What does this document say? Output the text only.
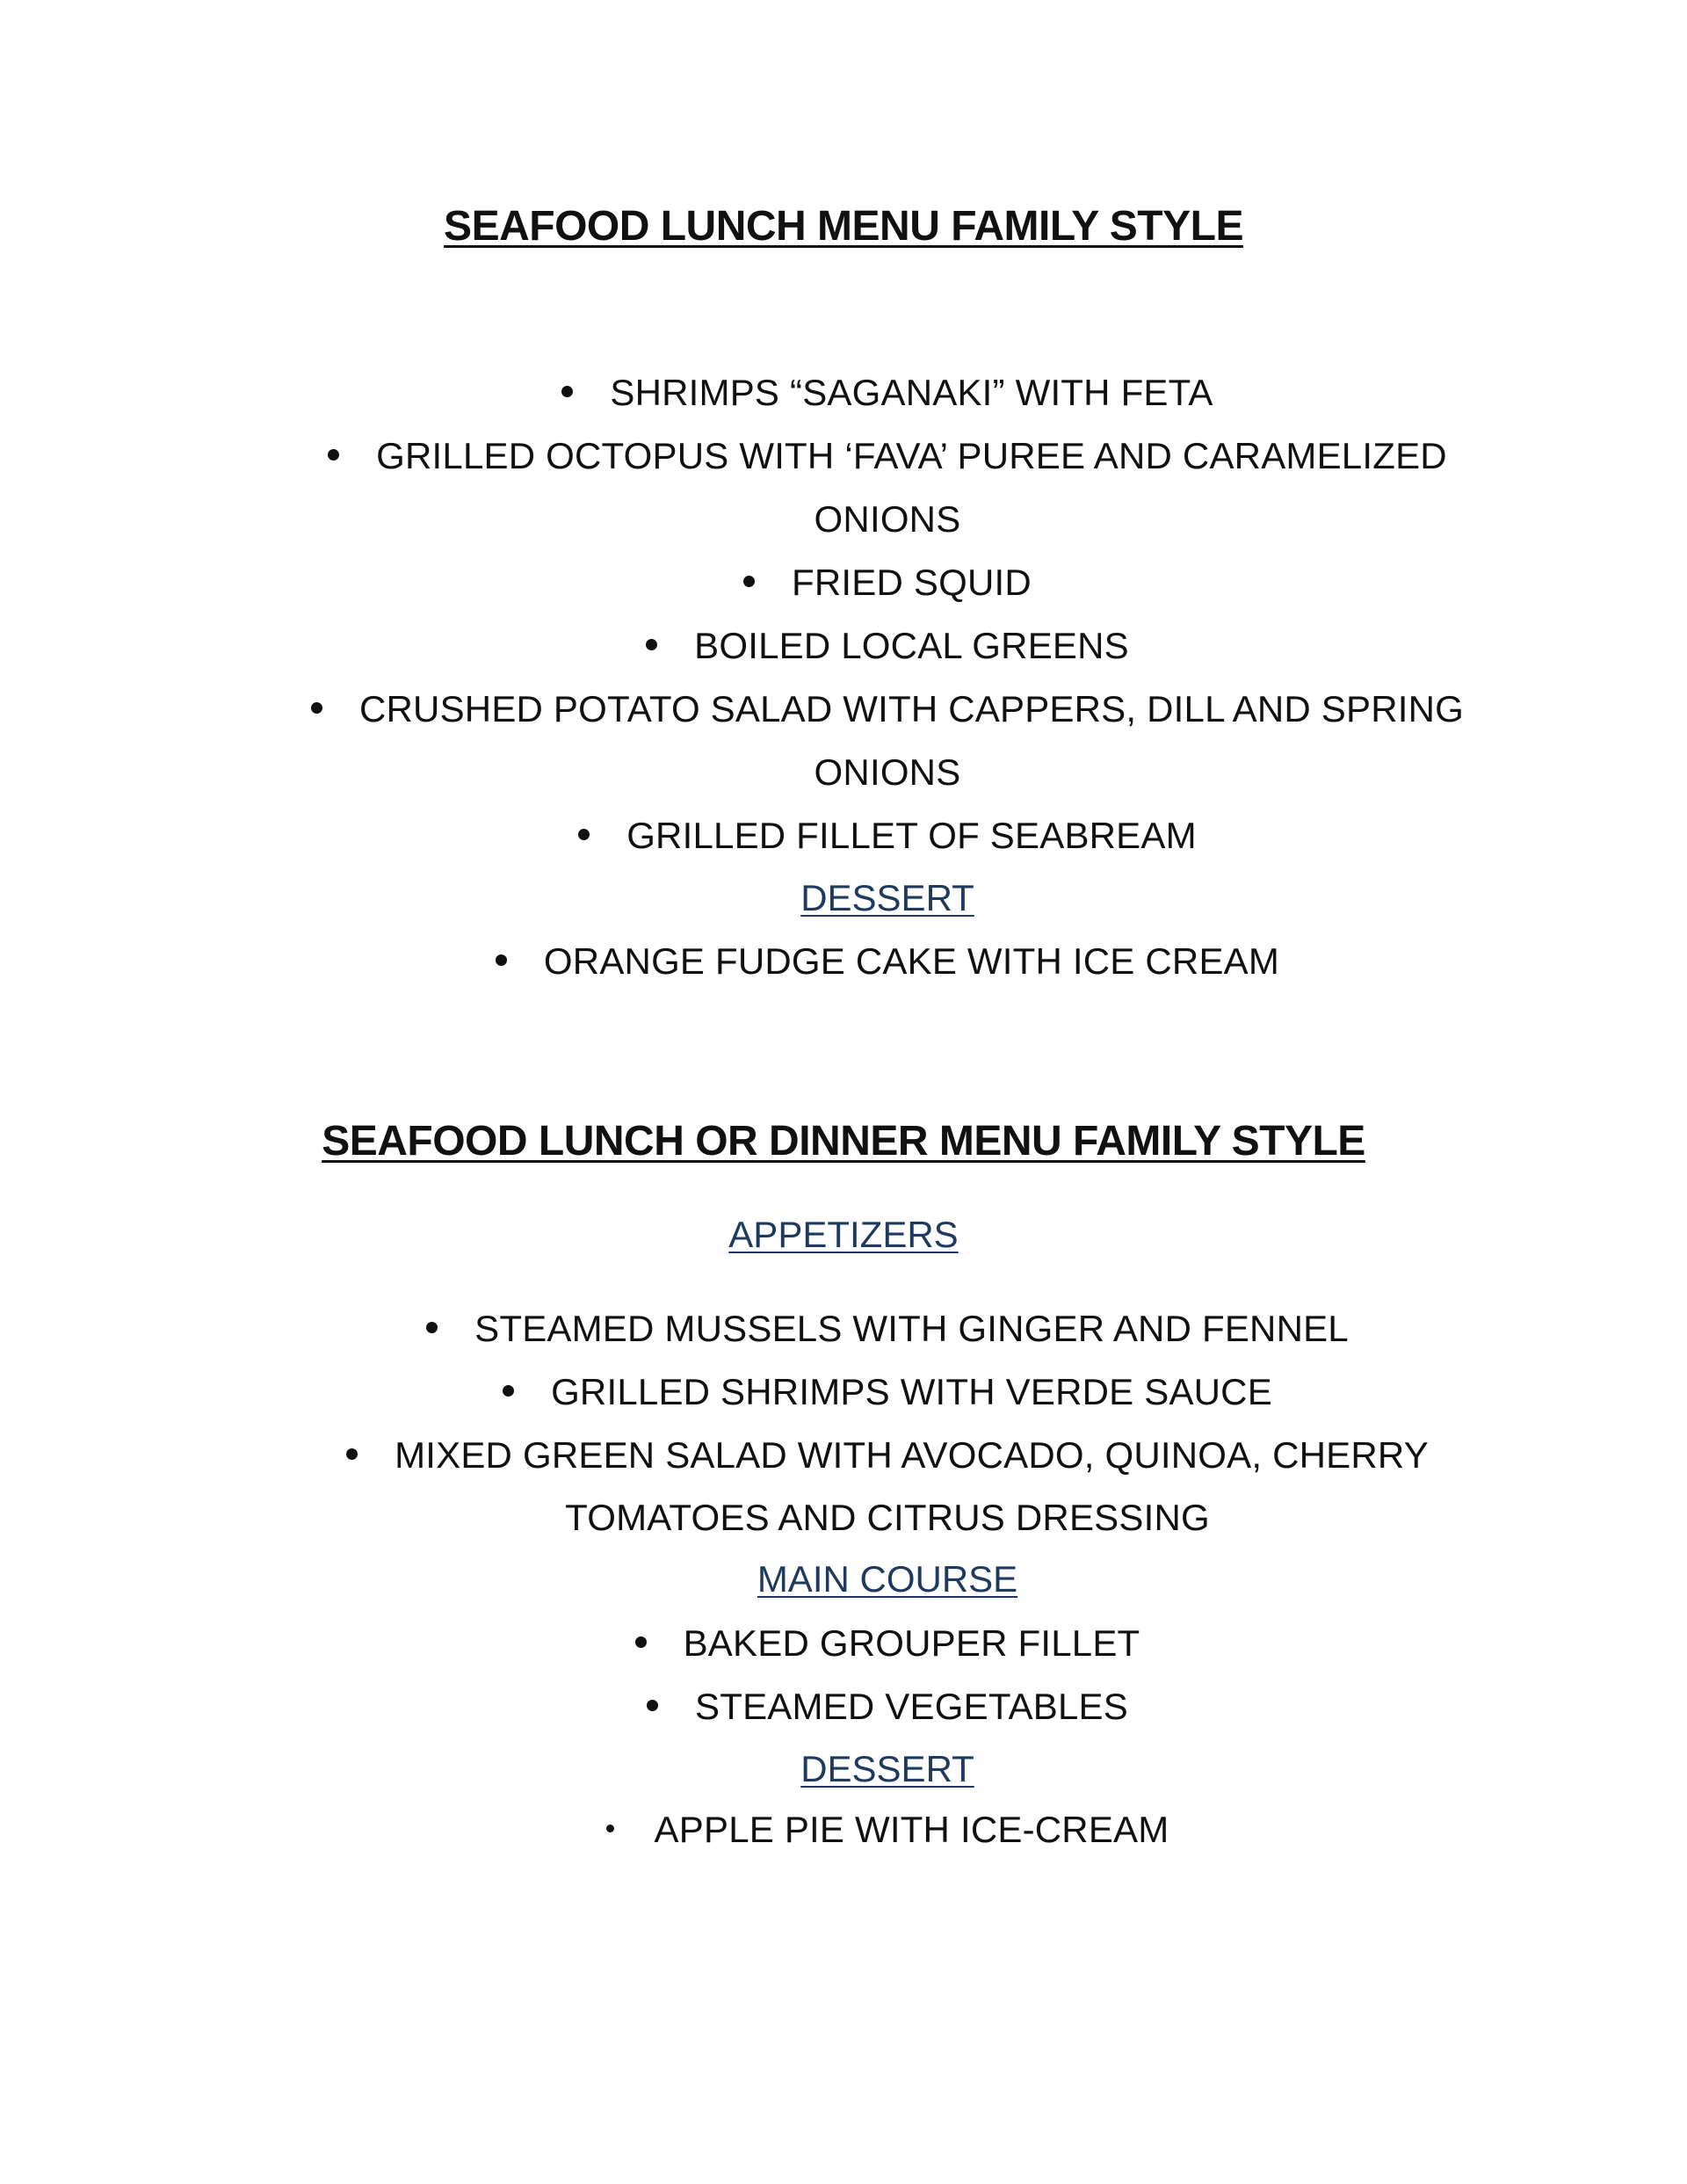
SEAFOOD LUNCH MENU FAMILY STYLE
SHRIMPS “SAGANAKI” WITH FETA
GRILLED OCTOPUS WITH ‘FAVA’ PUREE AND CARAMELIZED
ONIONS
FRIED SQUID
BOILED LOCAL GREENS
CRUSHED POTATO SALAD WITH CAPPERS, DILL AND SPRING
ONIONS
GRILLED FILLET OF SEABREAM
DESSERT
ORANGE FUDGE CAKE WITH ICE CREAM
SEAFOOD LUNCH OR DINNER MENU FAMILY STYLE
APPETIZERS
STEAMED MUSSELS WITH GINGER AND FENNEL
GRILLED SHRIMPS WITH VERDE SAUCE
MIXED GREEN SALAD WITH AVOCADO, QUINOA, CHERRY
TOMATOES AND CITRUS DRESSING
MAIN COURSE
BAKED GROUPER FILLET
STEAMED VEGETABLES
DESSERT
APPLE PIE WITH ICE-CREAM
